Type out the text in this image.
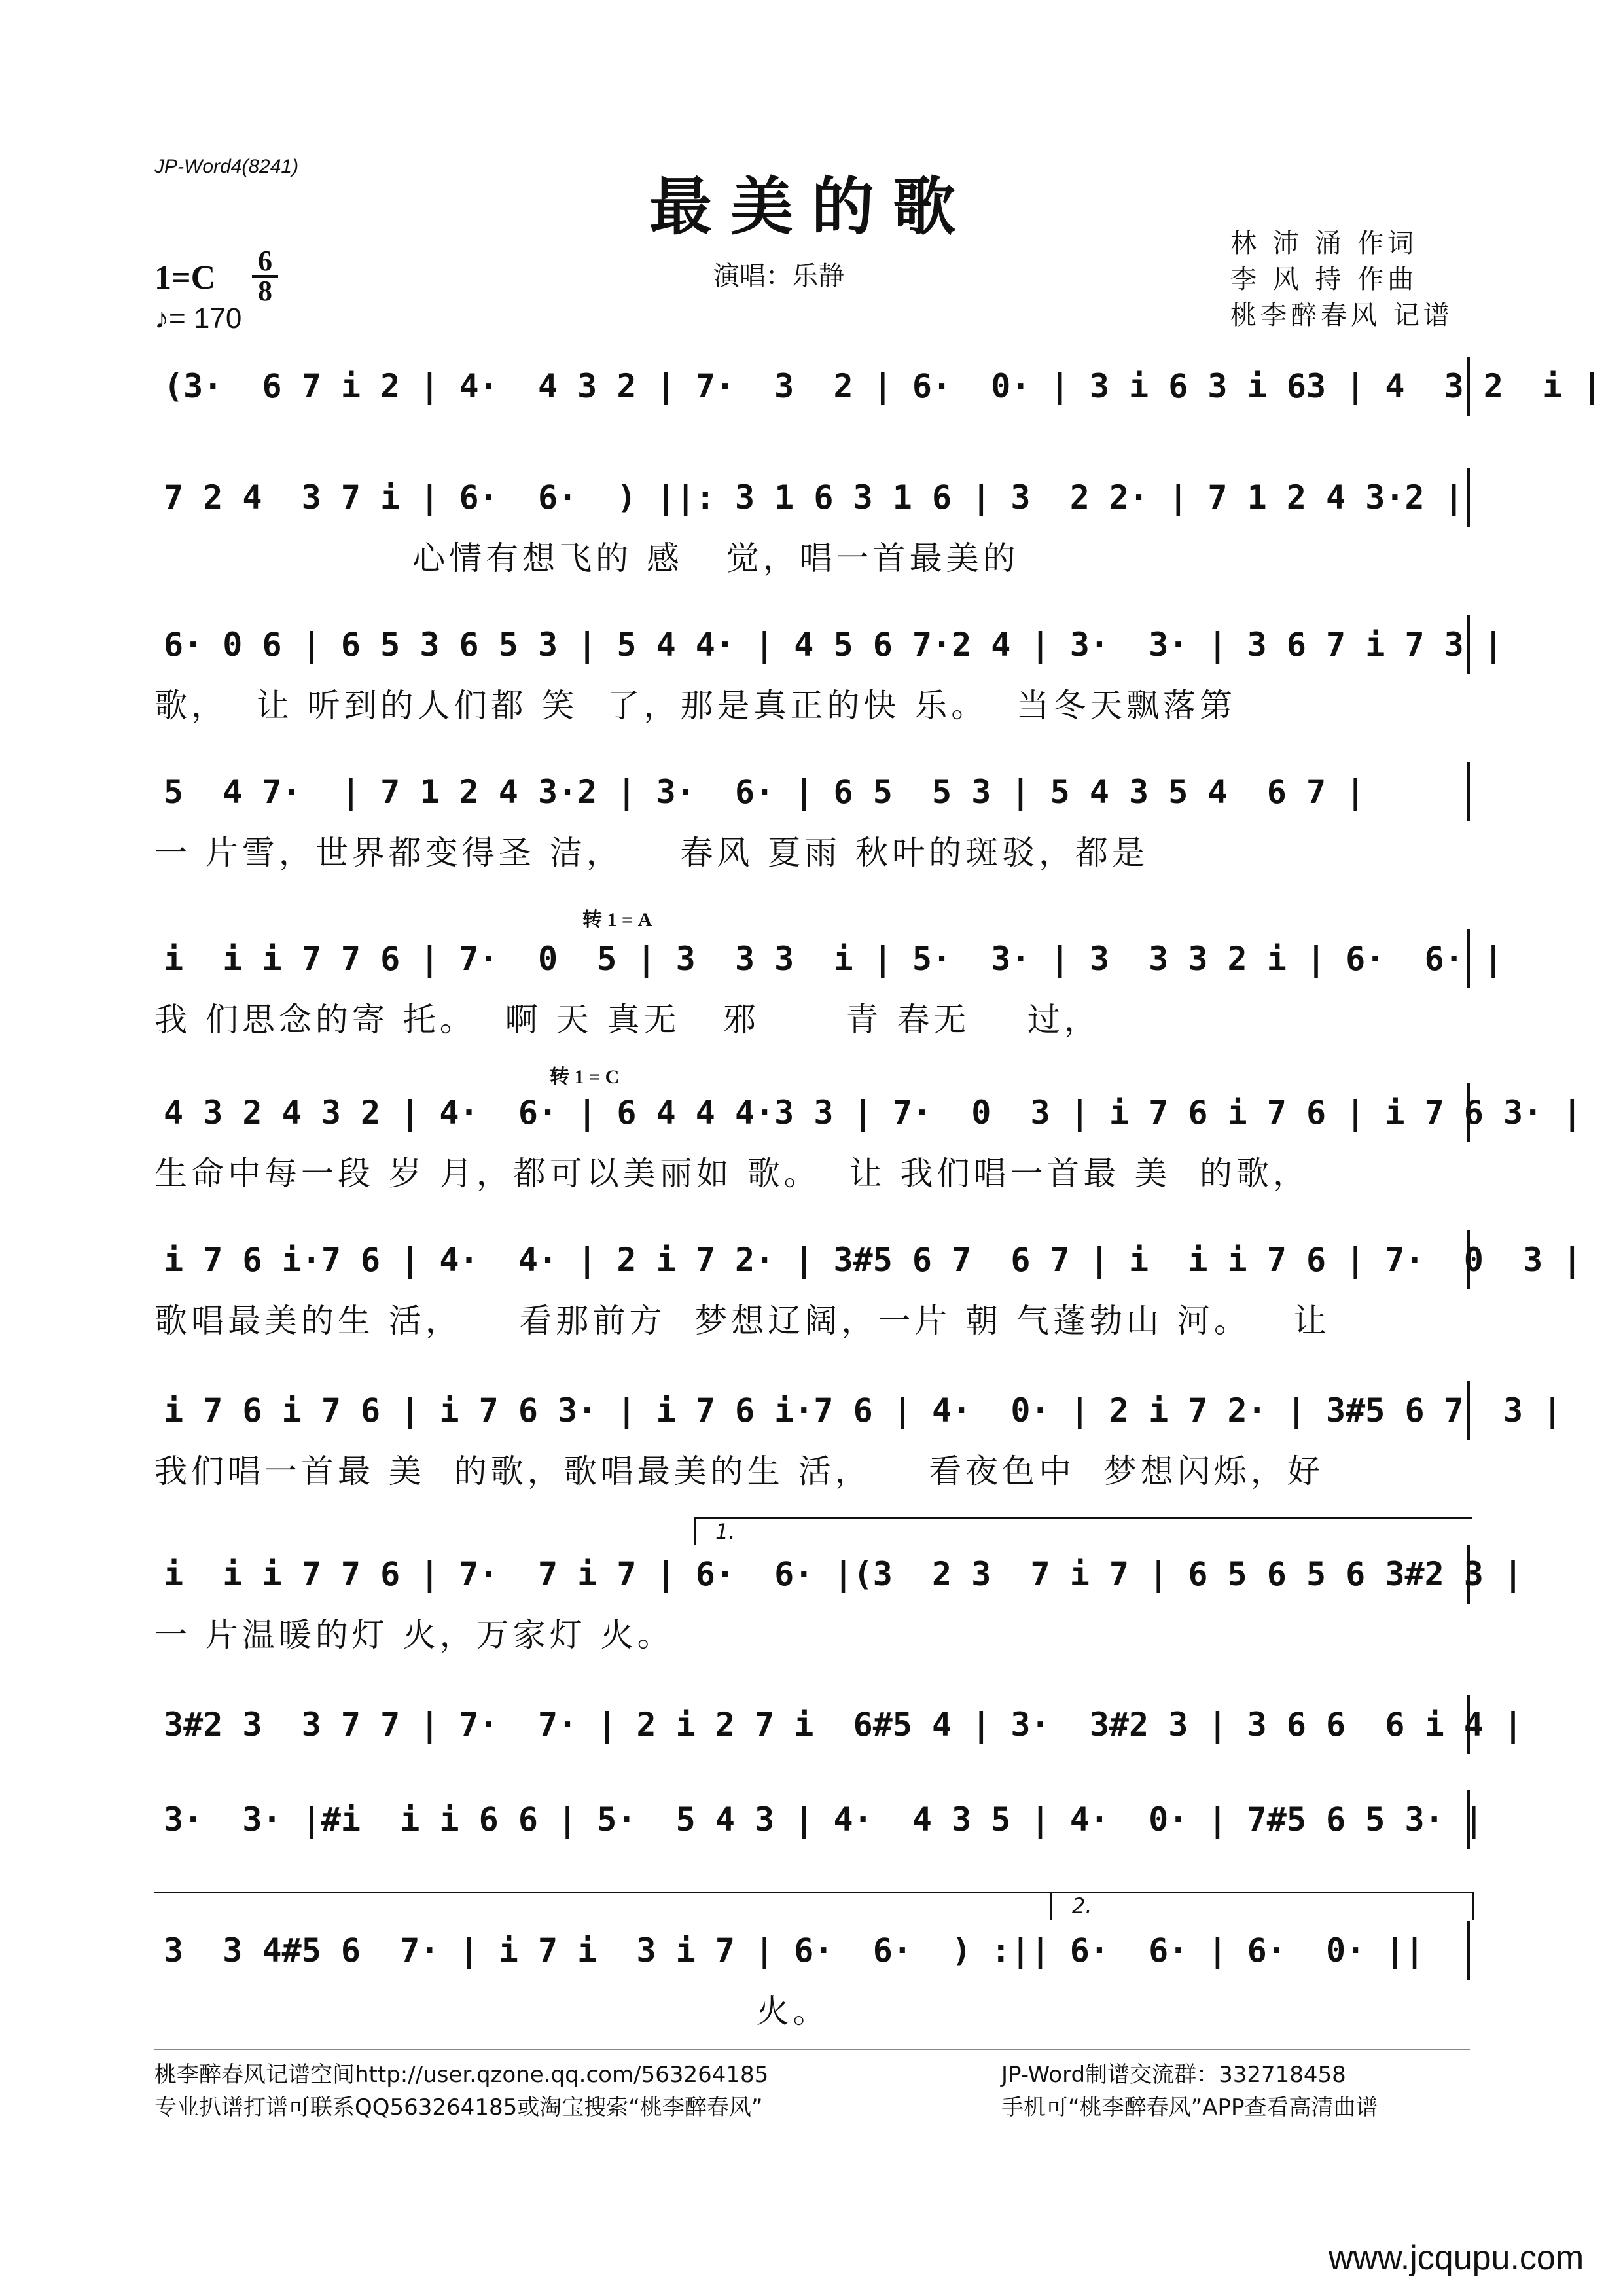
JP-Word4(8241)
最美的歌
演唱：乐静
林 沛 涌 作词
李 风 持 作曲
桃李醉春风 记谱
1=C 6
8
♪= 170
转 1 = A
转 1 = C
1.
2.
(3·  6 7 i 2 | 4·  4 3 2 | 7·  3  2 | 6·  0· | 3 i 6 3 i 63 | 4  3 2  i |
7 2 4  3 7 i | 6·  6·  ) ||: 3 1 6 3 1 6 | 3  2 2· | 7 1 2 4 3·2 |
心情有想飞的 感   觉，唱一首最美的
6· 0 6 | 6 5 3 6 5 3 | 5 4 4· | 4 5 6 7·2 4 | 3·  3· | 3 6 7 i 7 3 |
歌，  让 听到的人们都 笑  了，那是真正的快 乐。  当冬天飘落第
5  4 7·  | 7 1 2 4 3·2 | 3·  6· | 6 5  5 3 | 5 4 3 5 4  6 7 |
一 片雪，世界都变得圣 洁，    春风 夏雨 秋叶的斑驳，都是
i  i i 7 7 6 | 7·  0  5 | 3  3 3  i | 5·  3· | 3  3 3 2 i | 6·  6· |
我 们思念的寄 托。  啊 天 真无   邪      青 春无    过，
4 3 2 4 3 2 | 4·  6· | 6 4 4 4·3 3 | 7·  0  3 | i 7 6 i 7 6 | i 7 6 3· |
生命中每一段 岁 月，都可以美丽如 歌。  让 我们唱一首最 美  的歌，
i 7 6 i·7 6 | 4·  4· | 2 i 7 2· | 3#5 6 7  6 7 | i  i i 7 6 | 7·  0  3 |
歌唱最美的生 活，    看那前方  梦想辽阔，一片 朝 气蓬勃山 河。   让
i 7 6 i 7 6 | i 7 6 3· | i 7 6 i·7 6 | 4·  0· | 2 i 7 2· | 3#5 6 7  3 |
我们唱一首最 美  的歌，歌唱最美的生 活，    看夜色中  梦想闪烁，好
i  i i 7 7 6 | 7·  7 i 7 | 6·  6· |(3  2 3  7 i 7 | 6 5 6 5 6 3#2 3 |
一 片温暖的灯 火，万家灯 火。
3#2 3  3 7 7 | 7·  7· | 2 i 2 7 i  6#5 4 | 3·  3#2 3 | 3 6 6  6 i 4 |
3·  3· |#i  i i 6 6 | 5·  5 4 3 | 4·  4 3 5 | 4·  0· | 7#5 6 5 3· |
3  3 4#5 6  7· | i 7 i  3 i 7 | 6·  6·  ) :|| 6·  6· | 6·  0· ||
火。
桃李醉春风记谱空间http://user.qzone.qq.com/563264185
专业扒谱打谱可联系QQ563264185或淘宝搜索“桃李醉春风”
JP-Word制谱交流群：332718458
手机可“桃李醉春风”APP查看高清曲谱
www.jcqupu.com
